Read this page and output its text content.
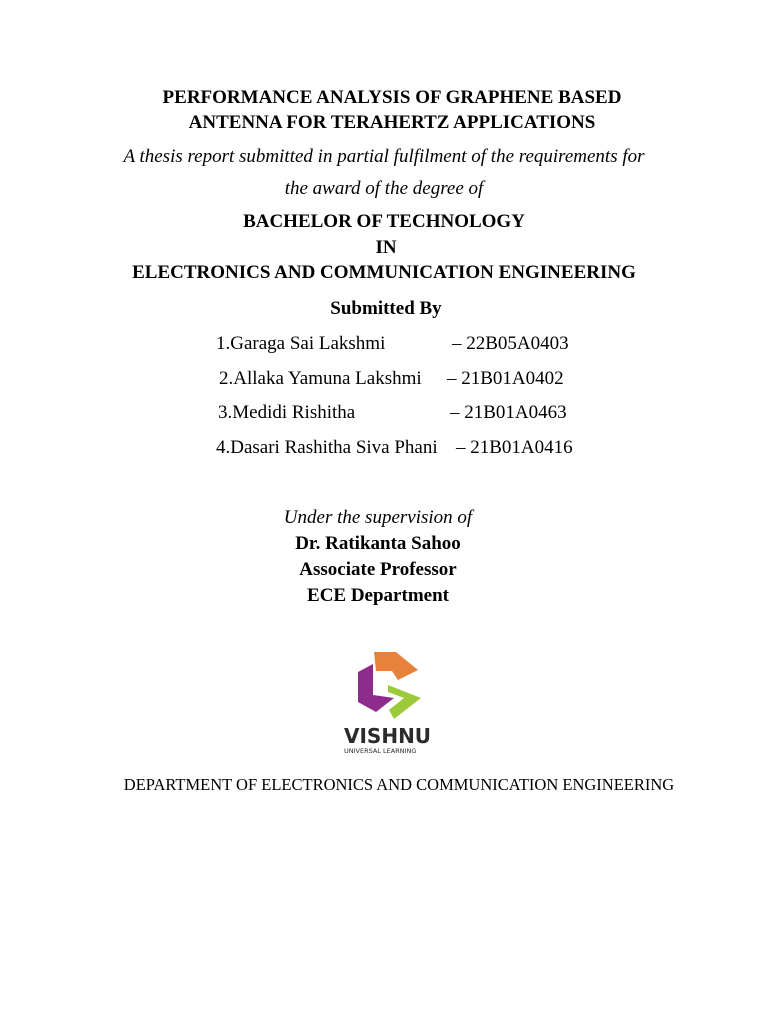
PERFORMANCE ANALYSIS OF GRAPHENE BASED
ANTENNA FOR TERAHERTZ APPLICATIONS
A thesis report submitted in partial fulfilment of the requirements for
the award of the degree of
BACHELOR OF TECHNOLOGY
IN
ELECTRONICS AND COMMUNICATION ENGINEERING
Submitted By
1.Garaga Sai Lakshmi	– 22B05A0403
2.Allaka Yamuna Lakshmi – 21B01A0402
3.Medidi Rishitha	– 21B01A0463
4.Dasari Rashitha Siva Phani – 21B01A0416
Under the supervision of
Dr. Ratikanta Sahoo
Associate Professor
ECE Department
VISHNU
UNIVERSAL LEARNING
DEPARTMENT OF ELECTRONICS AND COMMUNICATION ENGINEERING
